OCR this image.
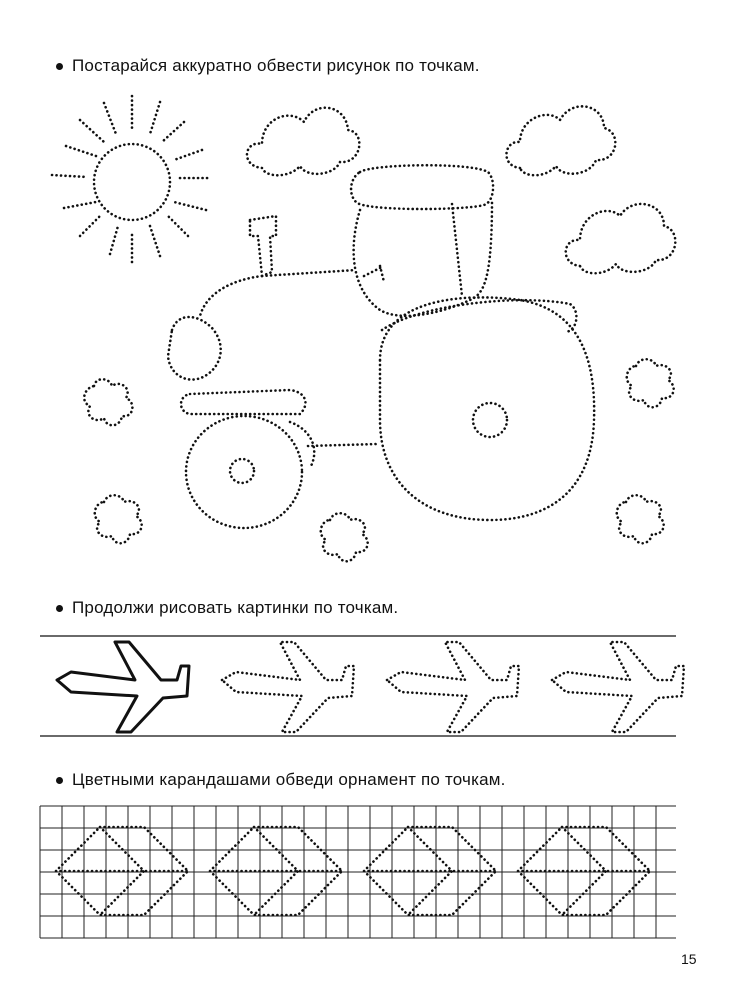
Постарайся аккуратно обвести рисунок по точкам.
Продолжи рисовать картинки по точкам.
Цветными карандашами обведи орнамент по точкам.
15
